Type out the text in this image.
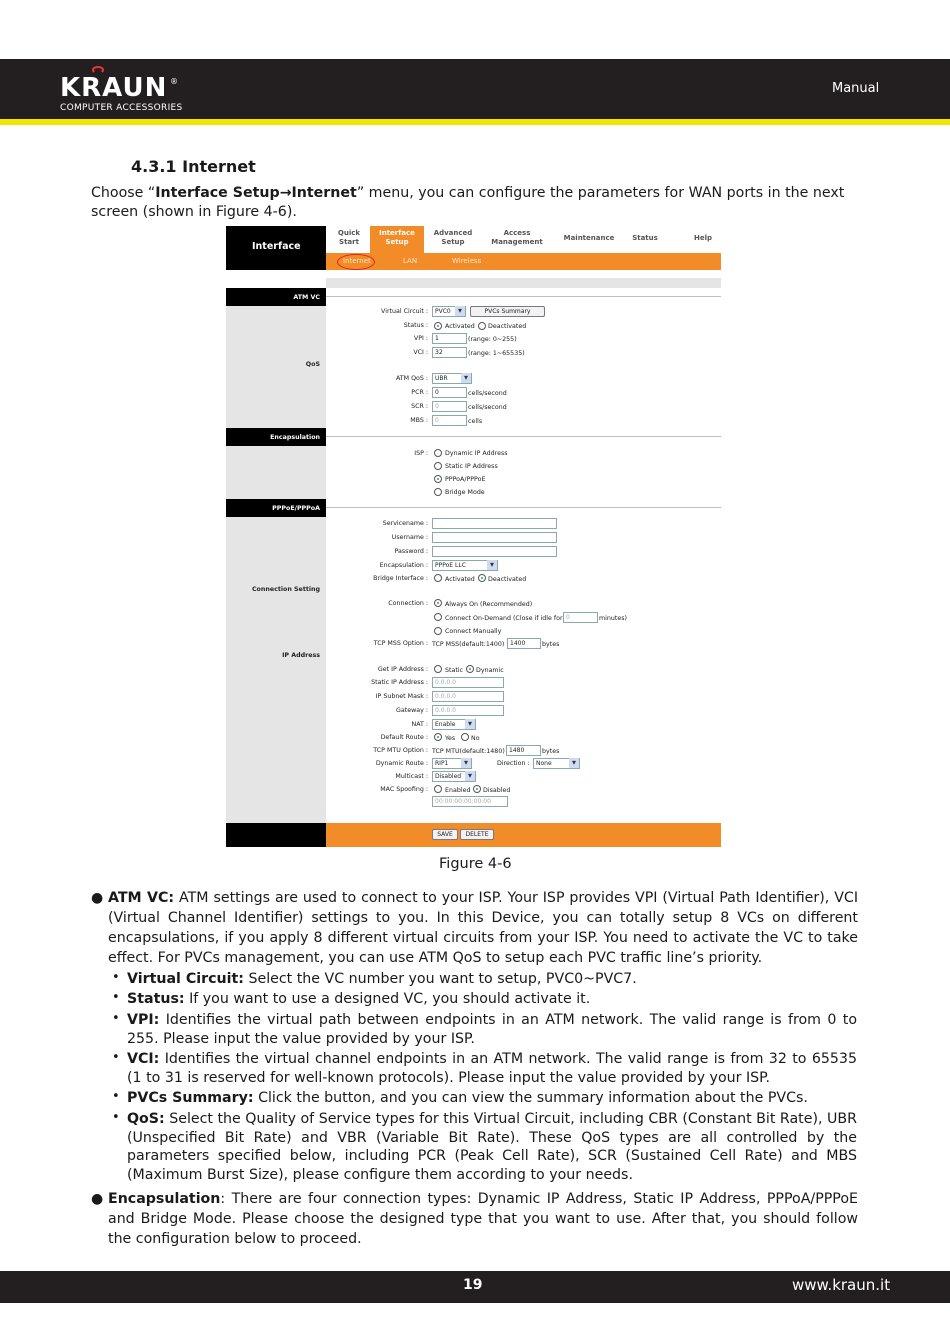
KRAUN ®
COMPUTER ACCESSORIES
Manual
4.3.1 Internet
Choose “Interface Setup→Internet” menu, you can configure the parameters for WAN ports in the next screen (shown in Figure 4-6).
Interface
Quick
Start
Interface
Setup
Advanced
Setup
Access
Management	Maintenance	Status	Help
Internet	LAN	Wireless
ATM VC
QoS
Encapsulation
PPPoE/PPPoA
Connection Setting
IP Address
Virtual Circuit :	PVC0 ▾	PVCs Summary
Status :	Activated Deactivated
VPI :	1	(range: 0~255)
VCI :	32	(range: 1~65535)
ATM QoS :	UBR ▾
PCR :	0	cells/second
SCR :	0	cells/second
MBS :	0	cells
ISP :	Dynamic IP Address
Static IP Address
PPPoA/PPPoE
Bridge Mode
Servicename :
Username :
Password :
Encapsulation :	PPPoE LLC ▾
Bridge Interface :	Activated Deactivated
Connection :	Always On (Recommended)
Connect On-Demand (Close if idle for 0	minutes)
Connect Manually
TCP MSS Option : TCP MSS(default:1400) 1400	bytes
Get IP Address :	Static Dynamic
Static IP Address :	0.0.0.0
IP Subnet Mask :	0.0.0.0
Gateway :	0.0.0.0
NAT :	Enable ▾
Default Route :	Yes	No
TCP MTU Option : TCP MTU(default:1480) 1480	bytes
Dynamic Route :	RIP1 ▾	Direction :	None ▾
Multicast :	Disabled ▾
MAC Spoofing :	Enabled Disabled
00:00:00:00:00:00
SAVE	DELETE
Figure 4-6
● ATM VC: ATM settings are used to connect to your ISP. Your ISP provides VPI (Virtual Path Identifier), VCI (Virtual Channel Identifier) settings to you. In this Device, you can totally setup 8 VCs on different encapsulations, if you apply 8 different virtual circuits from your ISP. You need to activate the VC to take effect. For PVCs management, you can use ATM QoS to setup each PVC traffic line’s priority.
• Virtual Circuit: Select the VC number you want to setup, PVC0~PVC7.
• Status: If you want to use a designed VC, you should activate it.
• VPI: Identifies the virtual path between endpoints in an ATM network. The valid range is from 0 to 255. Please input the value provided by your ISP.
• VCI: Identifies the virtual channel endpoints in an ATM network. The valid range is from 32 to 65535 (1 to 31 is reserved for well-known protocols). Please input the value provided by your ISP.
• PVCs Summary: Click the button, and you can view the summary information about the PVCs.
• QoS: Select the Quality of Service types for this Virtual Circuit, including CBR (Constant Bit Rate), UBR (Unspecified Bit Rate) and VBR (Variable Bit Rate). These QoS types are all controlled by the parameters specified below, including PCR (Peak Cell Rate), SCR (Sustained Cell Rate) and MBS (Maximum Burst Size), please configure them according to your needs.
● Encapsulation: There are four connection types: Dynamic IP Address, Static IP Address, PPPoA/PPPoE and Bridge Mode. Please choose the designed type that you want to use. After that, you should follow the configuration below to proceed.
19	www.kraun.it
